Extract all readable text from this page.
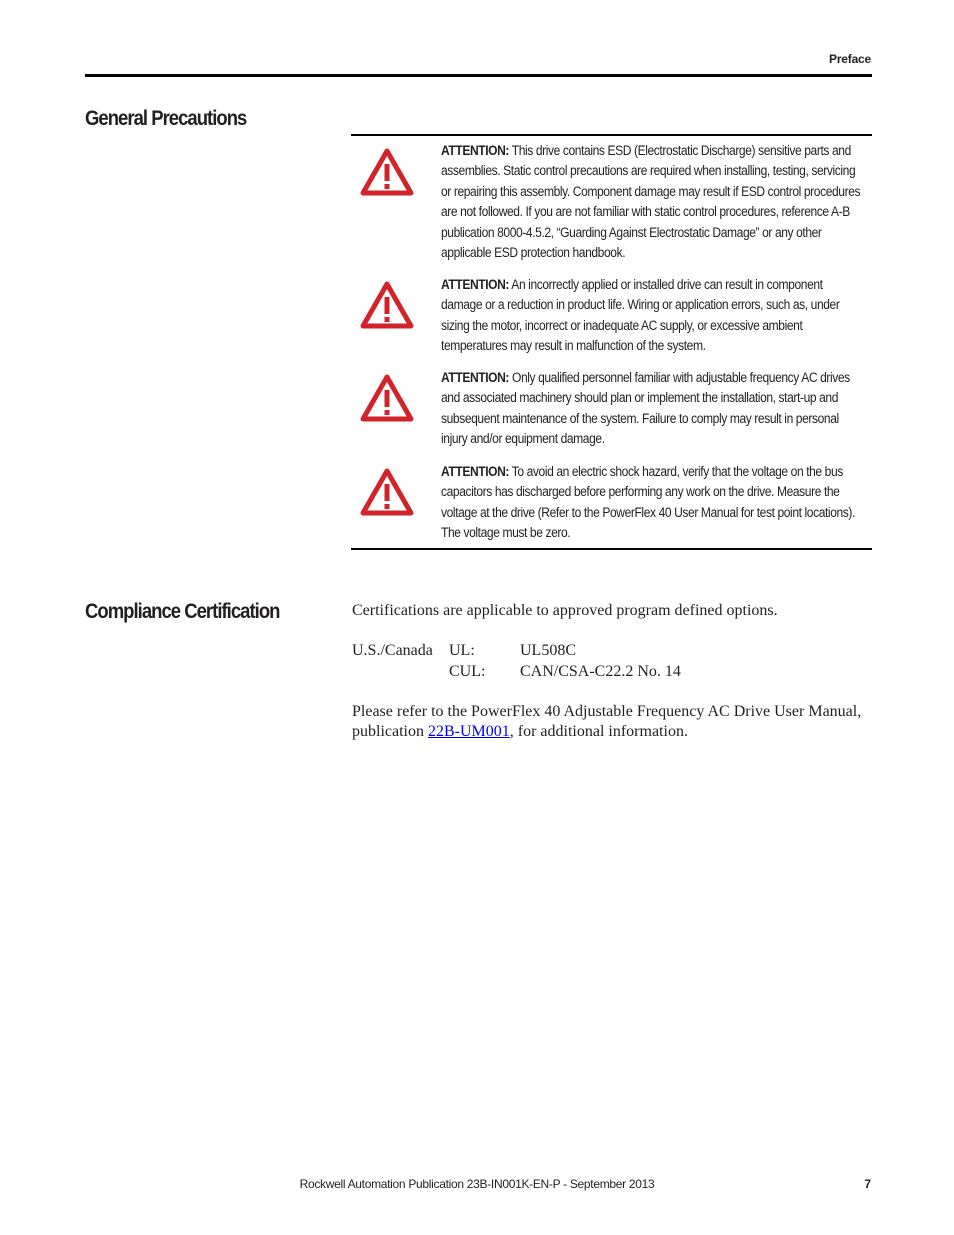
Preface
General Precautions
ATTENTION: This drive contains ESD (Electrostatic Discharge) sensitive parts and assemblies. Static control precautions are required when installing, testing, servicing or repairing this assembly. Component damage may result if ESD control procedures are not followed. If you are not familiar with static control procedures, reference A-B publication 8000-4.5.2, “Guarding Against Electrostatic Damage” or any other applicable ESD protection handbook.
ATTENTION: An incorrectly applied or installed drive can result in component damage or a reduction in product life. Wiring or application errors, such as, under sizing the motor, incorrect or inadequate AC supply, or excessive ambient temperatures may result in malfunction of the system.
ATTENTION: Only qualified personnel familiar with adjustable frequency AC drives and associated machinery should plan or implement the installation, start-up and subsequent maintenance of the system. Failure to comply may result in personal injury and/or equipment damage.
ATTENTION: To avoid an electric shock hazard, verify that the voltage on the bus capacitors has discharged before performing any work on the drive. Measure the voltage at the drive (Refer to the PowerFlex 40 User Manual for test point locations). The voltage must be zero.
Compliance Certification	Certifications are applicable to approved program defined options.

U.S./Canada UL:	UL508C
CUL: CAN/CSA-C22.2 No. 14

Please refer to the PowerFlex 40 Adjustable Frequency AC Drive User Manual, publication 22B-UM001, for additional information.

Rockwell Automation Publication 23B-IN001K-EN-P - September 2013	7
